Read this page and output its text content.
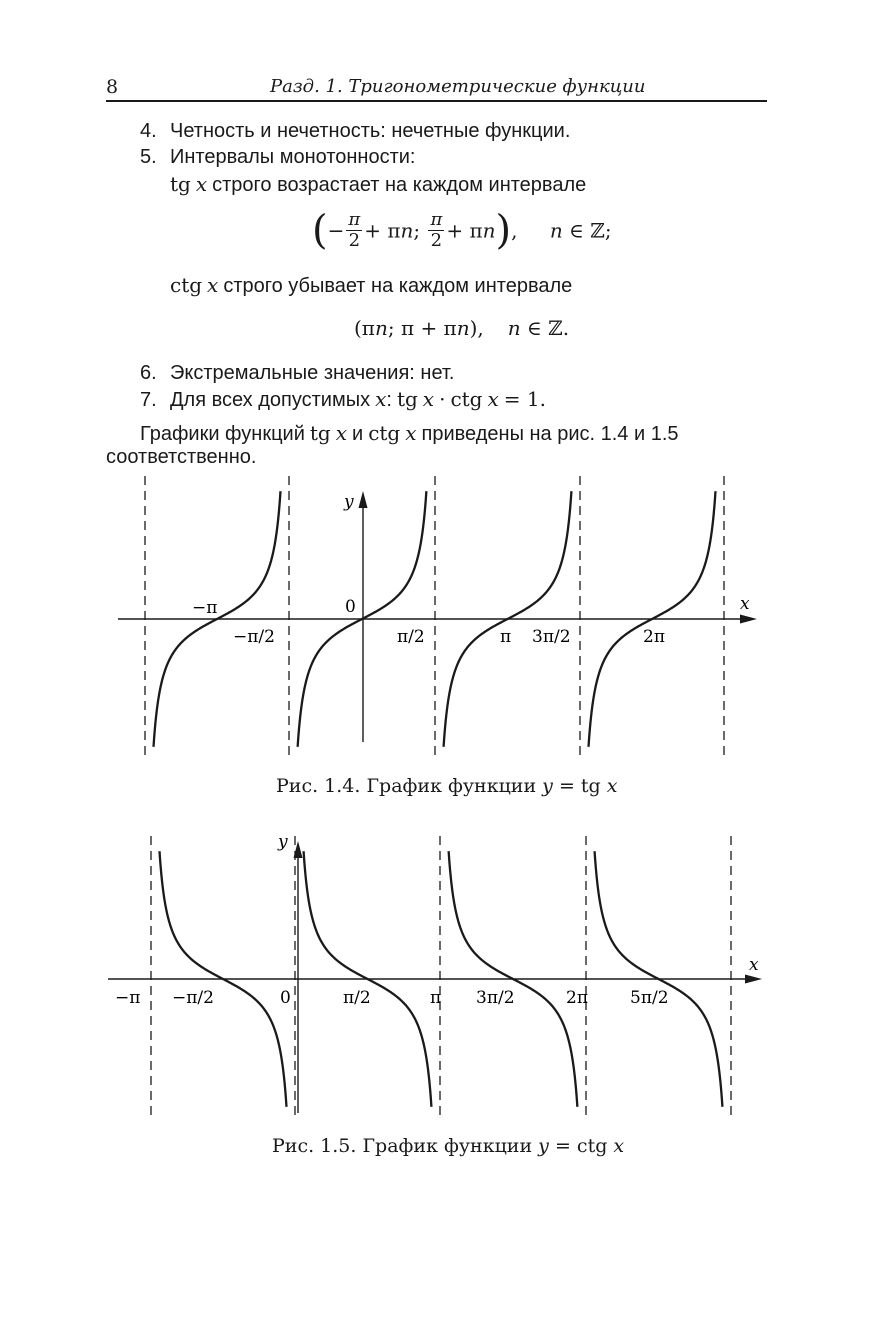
8	Разд. 1. Тригонометрические функции
4. Четность и нечетность: нечетные функции.
5. Интервалы монотонности:
tg x строго возрастает на каждом интервале
(− $\frac{\pi}{2} + \pi n$; $\frac{\pi}{2} + \pi n$), n ∈ ℤ;
ctg x строго убывает на каждом интервале
(πn; π + πn), n ∈ ℤ.
6. Экстремальные значения: нет.
7. Для всех допустимых x: tg x · ctg x = 1.
Графики функций tg x и ctg x приведены на рис. 1.4 и 1.5
соответственно.
y
x
0
−π
−π/2	π/2	π 3π/2	2π
Рис. 1.4. График функции y = tg x
y
x
−π −π/2	0	π/2	π 3π/2	2π 5π/2
Рис. 1.5. График функции y = ctg x
